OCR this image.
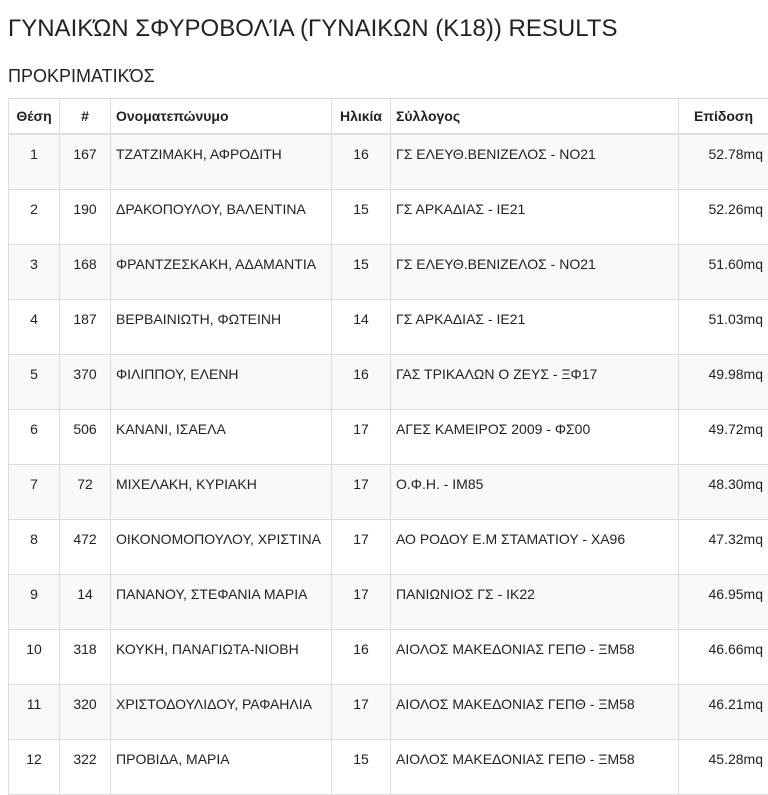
ΓΥΝΑΙΚΏΝ ΣΦΥΡΟΒΟΛΊΑ (ΓΥΝΑΙΚΩΝ (Κ18)) RESULTS
ΠΡΟΚΡΙΜΑΤΙΚΌΣ
Θέση	#	Ονοματεπώνυμο	Ηλικία	Σύλλογος	Επίδοση
1	167	ΤΖΑΤΖΙΜΑΚΗ, ΑΦΡΟΔΙΤΗ	16	ΓΣ ΕΛΕΥΘ.ΒΕΝΙΖΕΛΟΣ - ΝΟ21	52.78mq
2	190	ΔΡΑΚΟΠΟΥΛΟΥ, ΒΑΛΕΝΤΙΝΑ	15	ΓΣ ΑΡΚΑΔΙΑΣ - ΙΕ21	52.26mq
3	168	ΦΡΑΝΤΖΕΣΚΑΚΗ, ΑΔΑΜΑΝΤΙΑ	15	ΓΣ ΕΛΕΥΘ.ΒΕΝΙΖΕΛΟΣ - ΝΟ21	51.60mq
4	187	ΒΕΡΒΑΙΝΙΩΤΗ, ΦΩΤΕΙΝΗ	14	ΓΣ ΑΡΚΑΔΙΑΣ - ΙΕ21	51.03mq
5	370	ΦΙΛΙΠΠΟΥ, ΕΛΕΝΗ	16	ΓΑΣ ΤΡΙΚΑΛΩΝ Ο ΖΕΥΣ - ΞΦ17	49.98mq
6	506	ΚΑΝΑΝΙ, ΙΣΑΕΛΑ	17	ΑΓΕΣ ΚΑΜΕΙΡΟΣ 2009 - ΦΣ00	49.72mq
7	72	ΜΙΧΕΛΑΚΗ, ΚΥΡΙΑΚΗ	17	Ο.Φ.Η. - ΙΜ85	48.30mq
8	472	ΟΙΚΟΝΟΜΟΠΟΥΛΟΥ, ΧΡΙΣΤΙΝΑ	17	ΑΟ ΡΟΔΟΥ Ε.Μ ΣΤΑΜΑΤΙΟΥ - ΧΑ96	47.32mq
9	14	ΠΑΝΑΝΟΥ, ΣΤΕΦΑΝΙΑ ΜΑΡΙΑ	17	ΠΑΝΙΩΝΙΟΣ ΓΣ - ΙΚ22	46.95mq
10	318	ΚΟΥΚΗ, ΠΑΝΑΓΙΩΤΑ-ΝΙΟΒΗ	16	ΑΙΟΛΟΣ ΜΑΚΕΔΟΝΙΑΣ ΓΕΠΘ - ΞΜ58	46.66mq
11	320	ΧΡΙΣΤΟΔΟΥΛΙΔΟΥ, ΡΑΦΑΗΛΙΑ	17	ΑΙΟΛΟΣ ΜΑΚΕΔΟΝΙΑΣ ΓΕΠΘ - ΞΜ58	46.21mq
12	322	ΠΡΟΒΙΔΑ, ΜΑΡΙΑ	15	ΑΙΟΛΟΣ ΜΑΚΕΔΟΝΙΑΣ ΓΕΠΘ - ΞΜ58	45.28mq
